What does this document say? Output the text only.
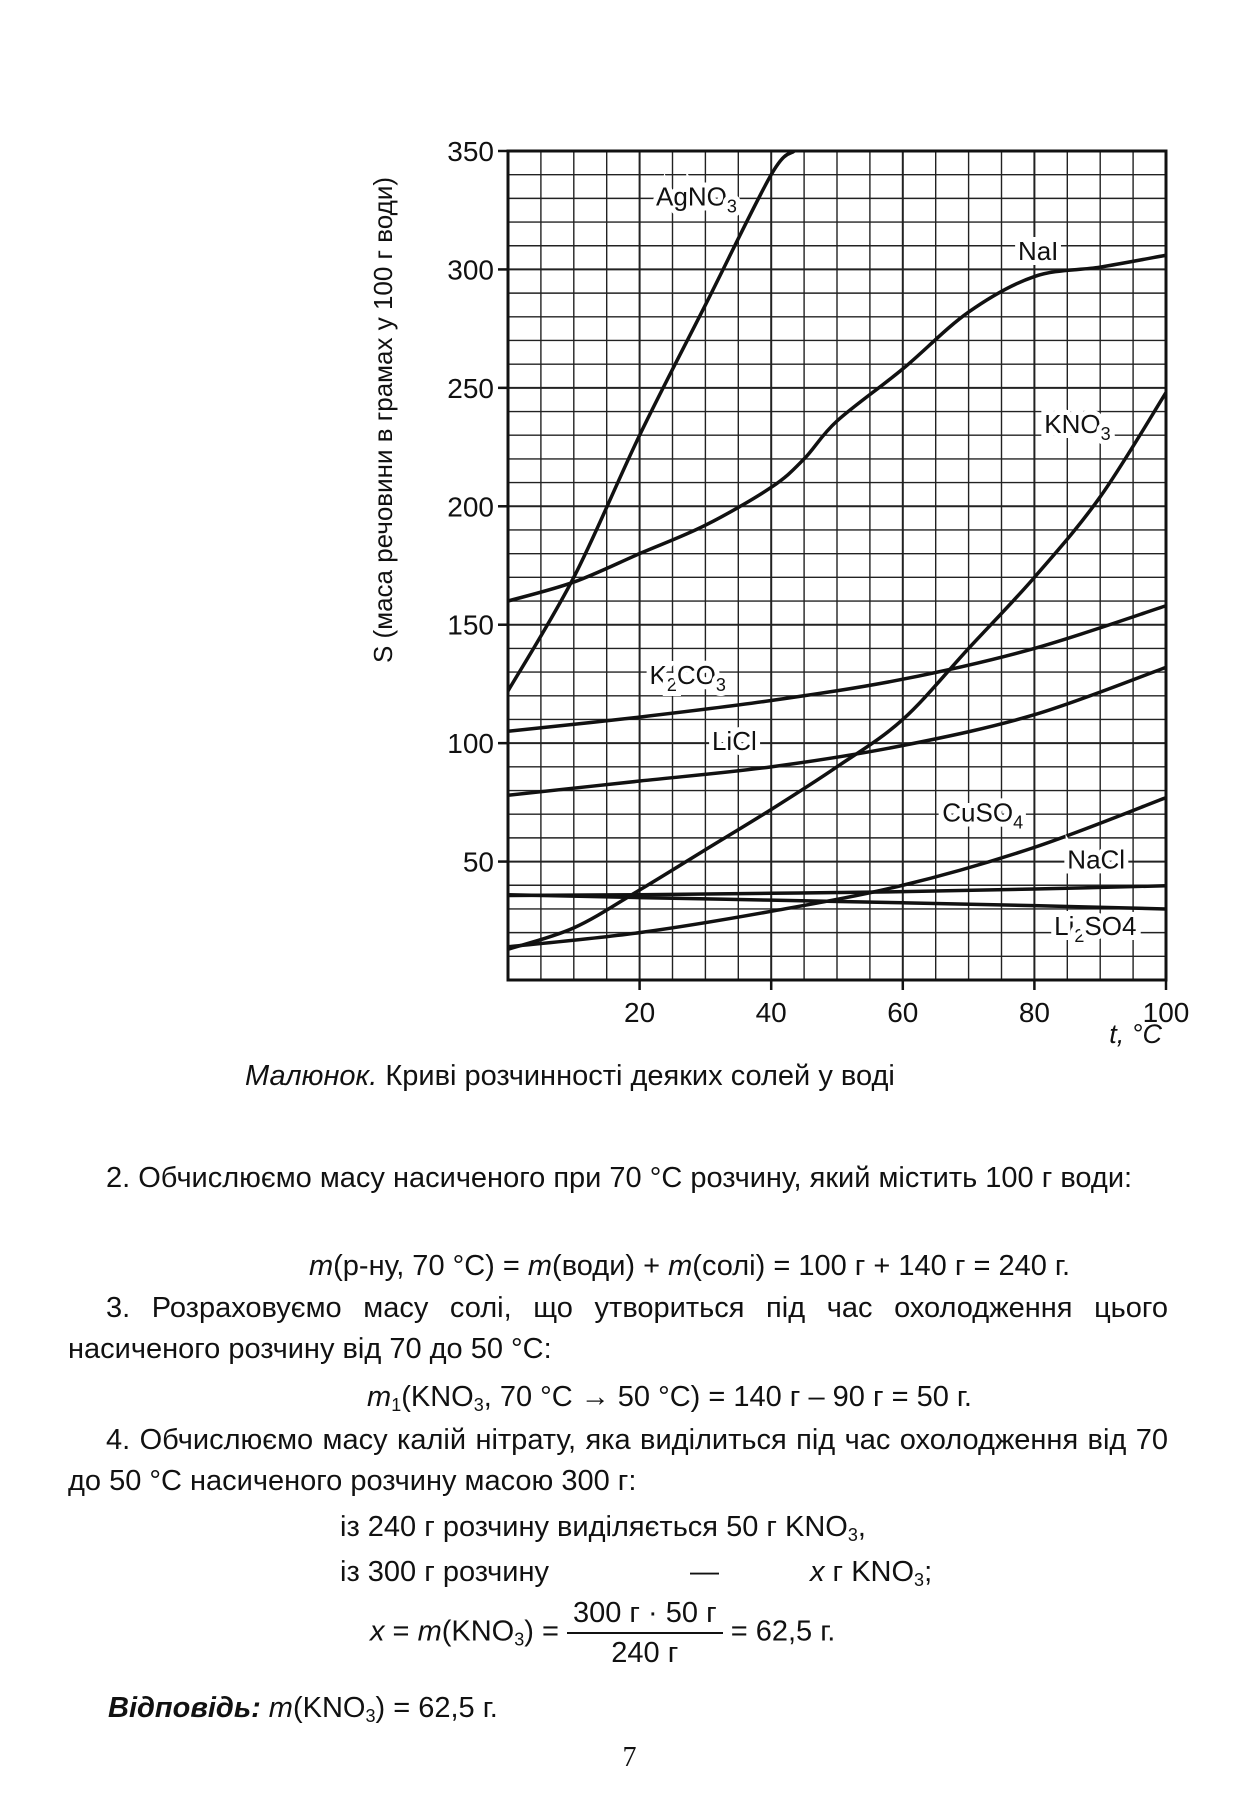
50
100
150
200
250
300
350
20	40	60	80	100
AgNO$_3$
NaI
$KNO_3$
$K_2CO_3$
LiCl
CuSO$_4$
NaCl
$Li_2SO4$
S (маса речовини в грамах у 100 г води)
t, °C
Малюнок. Криві розчинності деяких солей у воді
2. Обчислюємо масу насиченого при 70 °С розчину, який містить 100 г води:
m(р-ну, 70 °С) = m(води) + m(солі) = 100 г + 140 г = 240 г.
3. Розраховуємо масу солі, що утвориться під час охолодження цього насиченого розчину від 70 до 50 °С:
$m_1(KNO_3$, 70 °С → 50 °С) = 140 г – 90 г = 50 г.
4. Обчислюємо масу калій нітрату, яка виділиться під час охолодження від 70 до 50 °С насиченого розчину масою 300 г:
із 240 г розчину виділяється 50 г $KNO_3$,
із 300 г розчину	—	x г $KNO_3$;
$x = m(KNO_3) = \frac{300 г \cdot 50 г}{240 г} = 62,5$ г.
Відповідь: $m(KNO_3) = 62,5$ г.
7
